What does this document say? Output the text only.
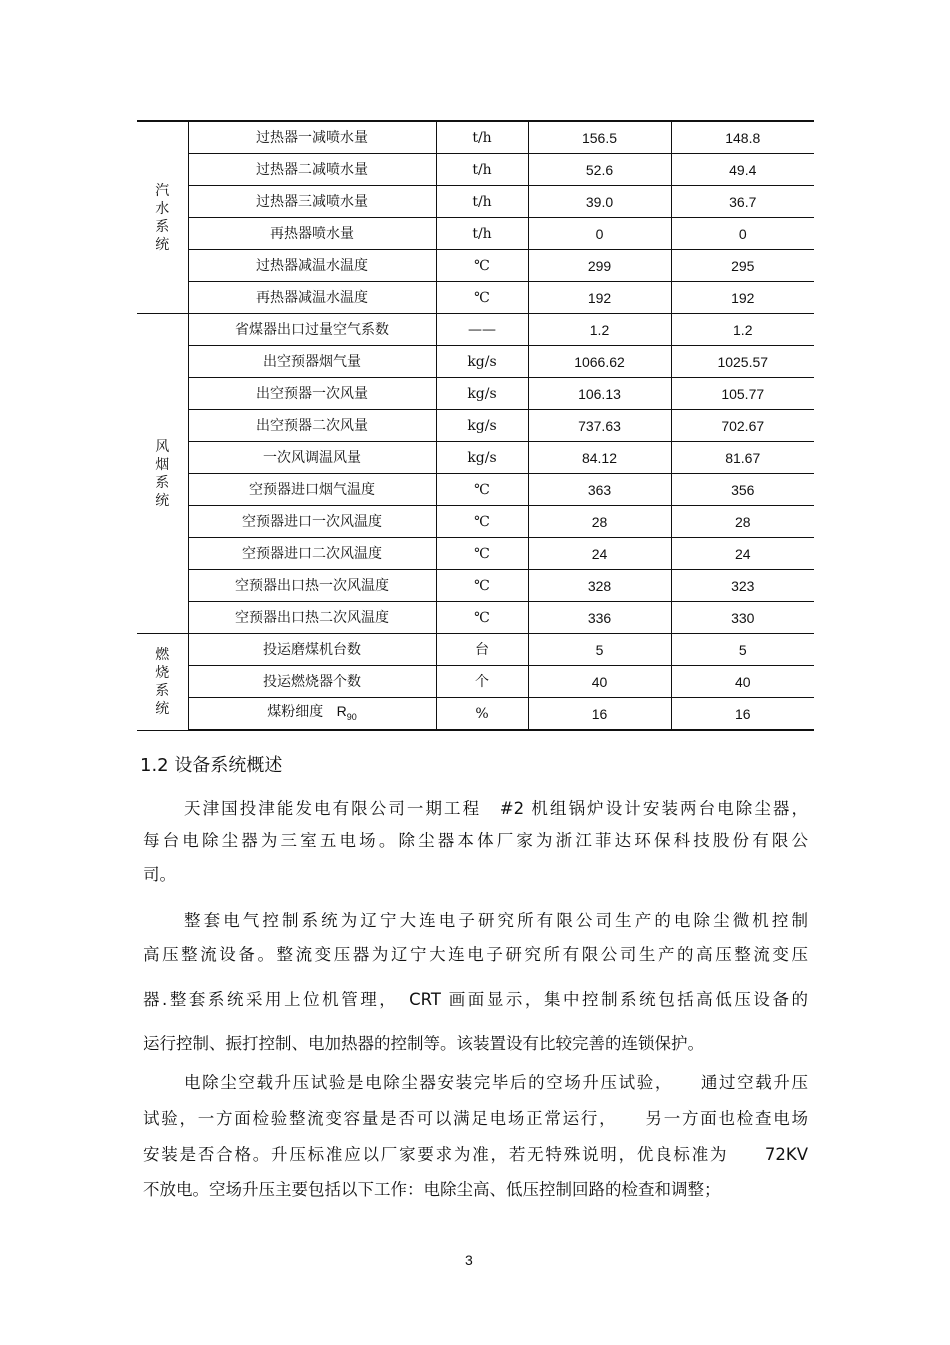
汽水系统	过热器一减喷水量	t/h	156.5	148.8
	过热器二减喷水量	t/h	52.6	49.4
	过热器三减喷水量	t/h	39.0	36.7
	再热器喷水量	t/h	0	0
	过热器减温水温度	℃	299	295
	再热器减温水温度	℃	192	192

风烟系统	省煤器出口过量空气系数	——	1.2	1.2
	出空预器烟气量	kg/s	1066.62	1025.57
	出空预器一次风量	kg/s	106.13	105.77
	出空预器二次风量	kg/s	737.63	702.67
	一次风调温风量	kg/s	84.12	81.67
	空预器进口烟气温度	℃	363	356
	空预器进口一次风温度	℃	28	28
	空预器进口二次风温度	℃	24	24
	空预器出口热一次风温度	℃	328	323
	空预器出口热二次风温度	℃	336	330

燃烧系统	投运磨煤机台数	台	5	5
	投运燃烧器个数	个	40	40
	煤粉细度 $R_{90}$	%	16	16
1.2 设备系统概述
天津国投津能发电有限公司一期工程　#2 机组锅炉设计安装两台电除尘器，
每台电除尘器为三室五电场。除尘器本体厂家为浙江菲达环保科技股份有限公
司。
整套电气控制系统为辽宁大连电子研究所有限公司生产的电除尘微机控制
高压整流设备。整流变压器为辽宁大连电子研究所有限公司生产的高压整流变压
器.整套系统采用上位机管理，　CRT 画面显示，集中控制系统包括高低压设备的
运行控制、振打控制、电加热器的控制等。该装置设有比较完善的连锁保护。
电除尘空载升压试验是电除尘器安装完毕后的空场升压试验，　　通过空载升压
试验，一方面检验整流变容量是否可以满足电场正常运行，　　另一方面也检查电场
安装是否合格。升压标准应以厂家要求为准，若无特殊说明，优良标准为　　72KV
不放电。空场升压主要包括以下工作：电除尘高、低压控制回路的检查和调整；
3
